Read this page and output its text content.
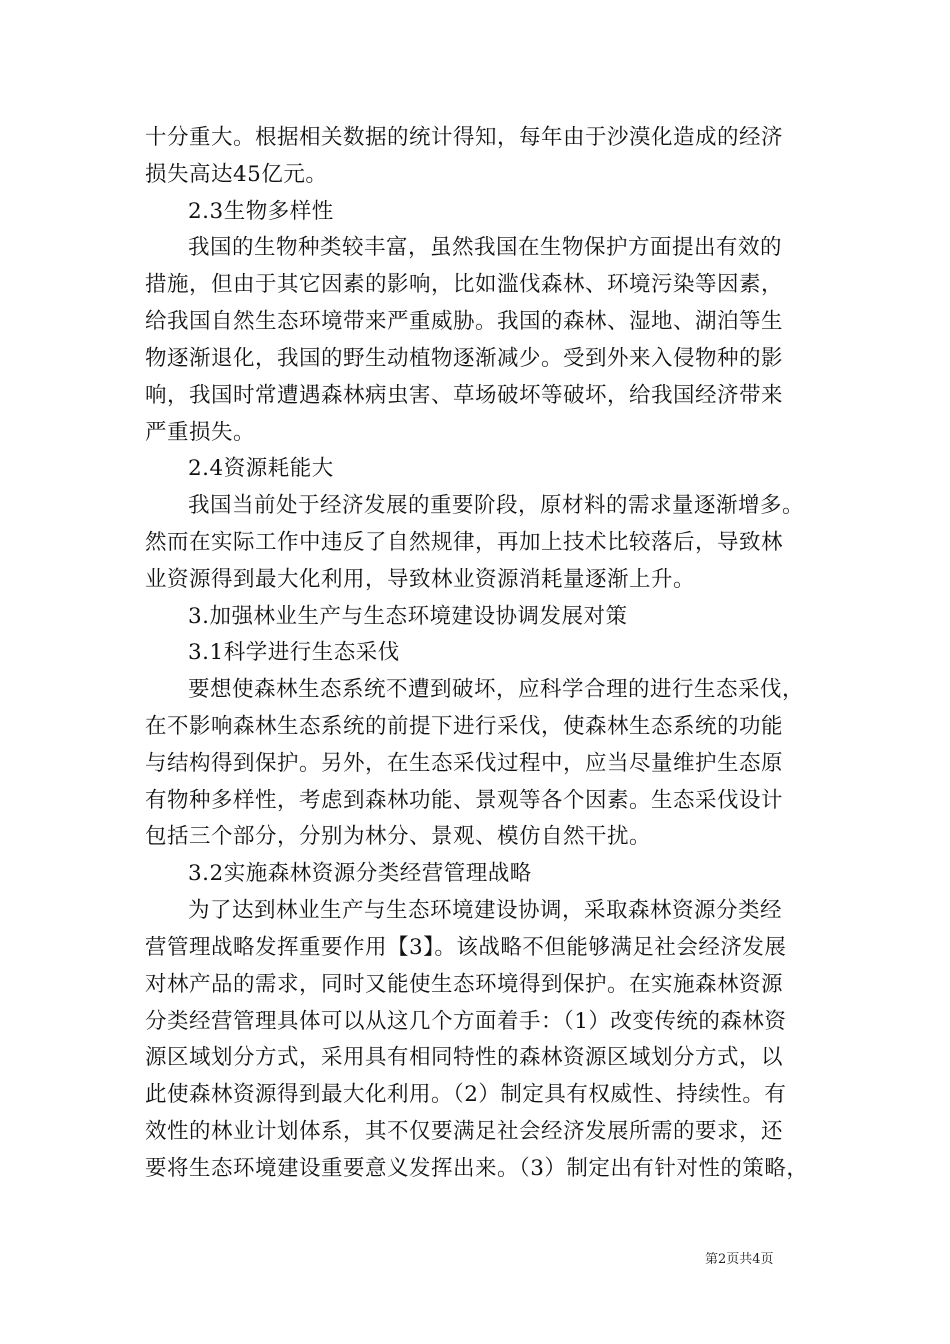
十分重大。根据相关数据的统计得知，每年由于沙漠化造成的经济
损失高达45亿元。
2.3生物多样性
我国的生物种类较丰富，虽然我国在生物保护方面提出有效的
措施，但由于其它因素的影响，比如滥伐森林、环境污染等因素，
给我国自然生态环境带来严重威胁。我国的森林、湿地、湖泊等生
物逐渐退化，我国的野生动植物逐渐减少。受到外来入侵物种的影
响，我国时常遭遇森林病虫害、草场破坏等破坏，给我国经济带来
严重损失。
2.4资源耗能大
我国当前处于经济发展的重要阶段，原材料的需求量逐渐增多。
然而在实际工作中违反了自然规律，再加上技术比较落后，导致林
业资源得到最大化利用，导致林业资源消耗量逐渐上升。
3.加强林业生产与生态环境建设协调发展对策
3.1科学进行生态采伐
要想使森林生态系统不遭到破坏，应科学合理的进行生态采伐，
在不影响森林生态系统的前提下进行采伐，使森林生态系统的功能
与结构得到保护。另外，在生态采伐过程中，应当尽量维护生态原
有物种多样性，考虑到森林功能、景观等各个因素。生态采伐设计
包括三个部分，分别为林分、景观、模仿自然干扰。
3.2实施森林资源分类经营管理战略
为了达到林业生产与生态环境建设协调，采取森林资源分类经
营管理战略发挥重要作用【3】。该战略不但能够满足社会经济发展
对林产品的需求，同时又能使生态环境得到保护。在实施森林资源
分类经营管理具体可以从这几个方面着手：（1）改变传统的森林资
源区域划分方式，采用具有相同特性的森林资源区域划分方式，以
此使森林资源得到最大化利用。（2）制定具有权威性、持续性。有
效性的林业计划体系，其不仅要满足社会经济发展所需的要求，还
要将生态环境建设重要意义发挥出来。（3）制定出有针对性的策略，
第2页共4页
